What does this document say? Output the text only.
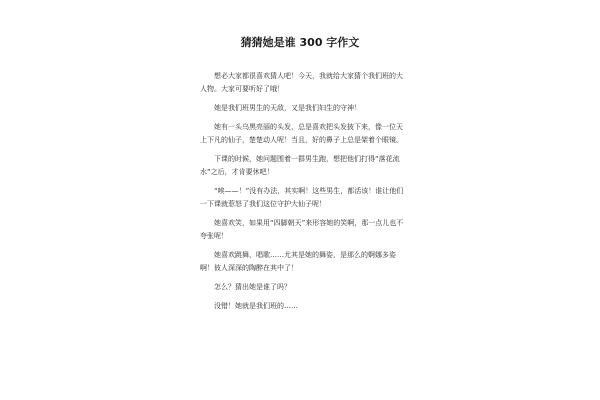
猜猜她是谁 300 字作文

想必大家都很喜欢猜人吧！今天，我就给大家猜个我们班的大人物。大家可要听好了哦！

她是我们班男生的天敌，又是我们妇生的守神！

她有一头乌黑亮丽的头发，总是喜欢把头发披下来，像一位天上下凡的仙子，楚楚动人呢！当且，好的鼻子上总是架着个眼镜。

下课的时候，她问题围着一群男生跑，想把他们打得“落花流水”之后，才肯要休吧！

“唉——！”没有办法，其实啊！这些男生，都活该！谁让他们一下课就惹怒了我们这位守护大仙子呢！

她喜欢笑，如果用“四脚朝天”来形容她的笑啊，那一点儿也不夸张呢！

她喜欢跳舞，唱歌……尤其是她的舞姿，是那么的婀娜多姿啊！彼人深深的陶醉在其中了！

怎么？猜出她是谁了吗？

没错！她就是我们班的……
